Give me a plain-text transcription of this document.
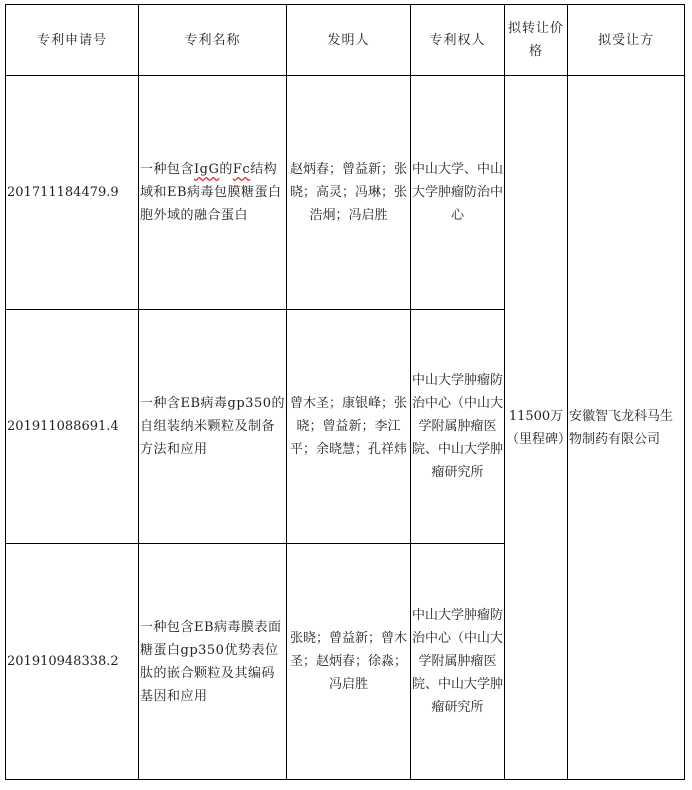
专利申请号	专利名称	发明人	专利权人	拟转让价格	拟受让方
201711184479.9	一种包含IgG的Fc结构域和EB病毒包膜糖蛋白胞外域的融合蛋白	赵炳春；曾益新；张晓；高灵；冯琳；张浩炯；冯启胜	中山大学、中山大学肿瘤防治中心	11500万（里程碑）	安徽智飞龙科马生物制药有限公司
201911088691.4	一种含EB病毒gp350的自组装纳米颗粒及制备方法和应用	曾木圣；康银峰；张晓；曾益新；李江平；余晓慧；孔祥炜	中山大学肿瘤防治中心（中山大学附属肿瘤医院、中山大学肿瘤研究所		
201910948338.2	一种包含EB病毒膜表面糖蛋白gp350优势表位肽的嵌合颗粒及其编码基因和应用	张晓；曾益新；曾木圣；赵炳春；徐淼；冯启胜	中山大学肿瘤防治中心（中山大学附属肿瘤医院、中山大学肿瘤研究所		
